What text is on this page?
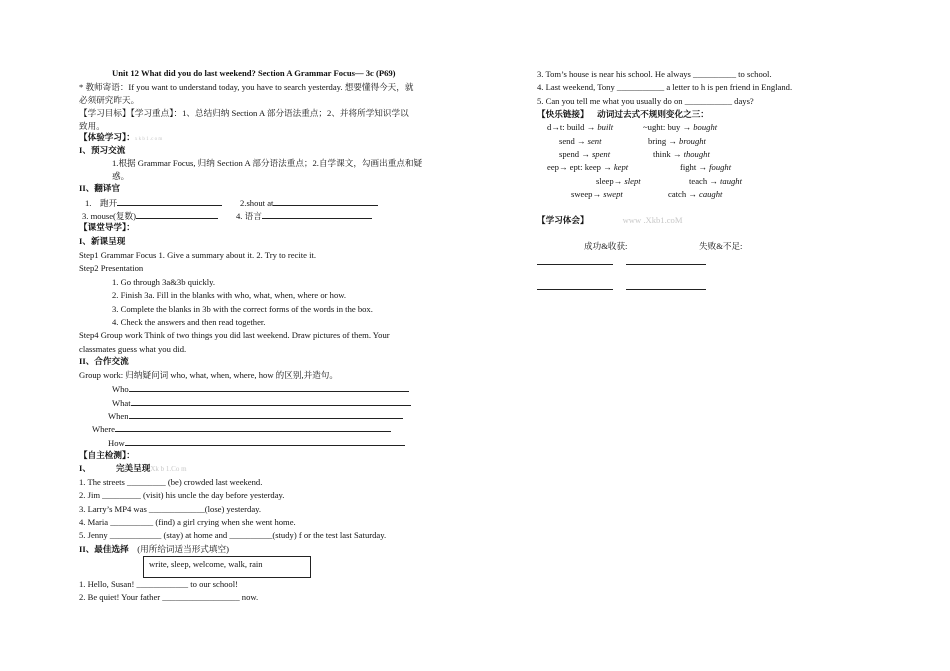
Unit 12 What did you do last weekend? Section A Grammar Focus— 3c (P69)
* 教师寄语：If you want to understand today, you have to search yesterday. 想要懂得今天，就
必须研究昨天。
【学习目标】【学习重点】：1、总结归纳 Section A 部分语法重点；2、并将所学知识学以
致用。
【体验学习】：x k b 1 .c o m
I、预习交流
1.根据 Grammar Focus, 归纳 Section A 部分语法重点；2.自学课文，勾画出重点和疑
惑。
II、翻译官
1. 跑开	2.shout at
3. mouse(复数)	4. 语言
【课堂导学】：
I、新课呈现
Step1 Grammar Focus 1. Give a summary about it. 2. Try to recite it.
Step2 Presentation
1. Go through 3a&3b quickly.
2. Finish 3a. Fill in the blanks with who, what, when, where or how.
3. Complete the blanks in 3b with the correct forms of the words in the box.
4. Check the answers and then read together.
Step4 Group work Think of two things you did last weekend. Draw pictures of them. Your
classmates guess what you did.
II、合作交流
Group work: 归纳疑问词 who, what, when, where, how 的区别,并造句。
Who
What
When
Where
How
【自主检测】：
I、	完美呈现Xk b 1.Co m
1. The streets _________ (be) crowded last weekend.
2. Jim _________ (visit) his uncle the day before yesterday.
3. Larry’s MP4 was _____________(lose) yesterday.
4. Maria __________ (find) a girl crying when she went home.
5. Jenny ____________ (stay) at home and __________(study) f or the test last Saturday.
II、最佳选择 (用所给词适当形式填空)
write, sleep, welcome, walk, rain
1. Hello, Susan! ____________ to our school!
2. Be quiet! Your father __________________ now.
3. Tom’s house is near his school. He always __________ to school.
4. Last weekend, Tony ___________ a letter to h is pen friend in England.
5. Can you tell me what you usually do on ___________ days?
【快乐链接】 动词过去式不规则变化之三：
d→t: build → built	~ught: buy → bought
send → sent	bring → brought
spend → spent	think → thought
eep→ ept: keep → kept	fight → fought
sleep→ slept	teach → taught
sweep→ swept	catch → caught
【学习体会】	www .Xkb1.coM
成功&收获:	失败&不足:
